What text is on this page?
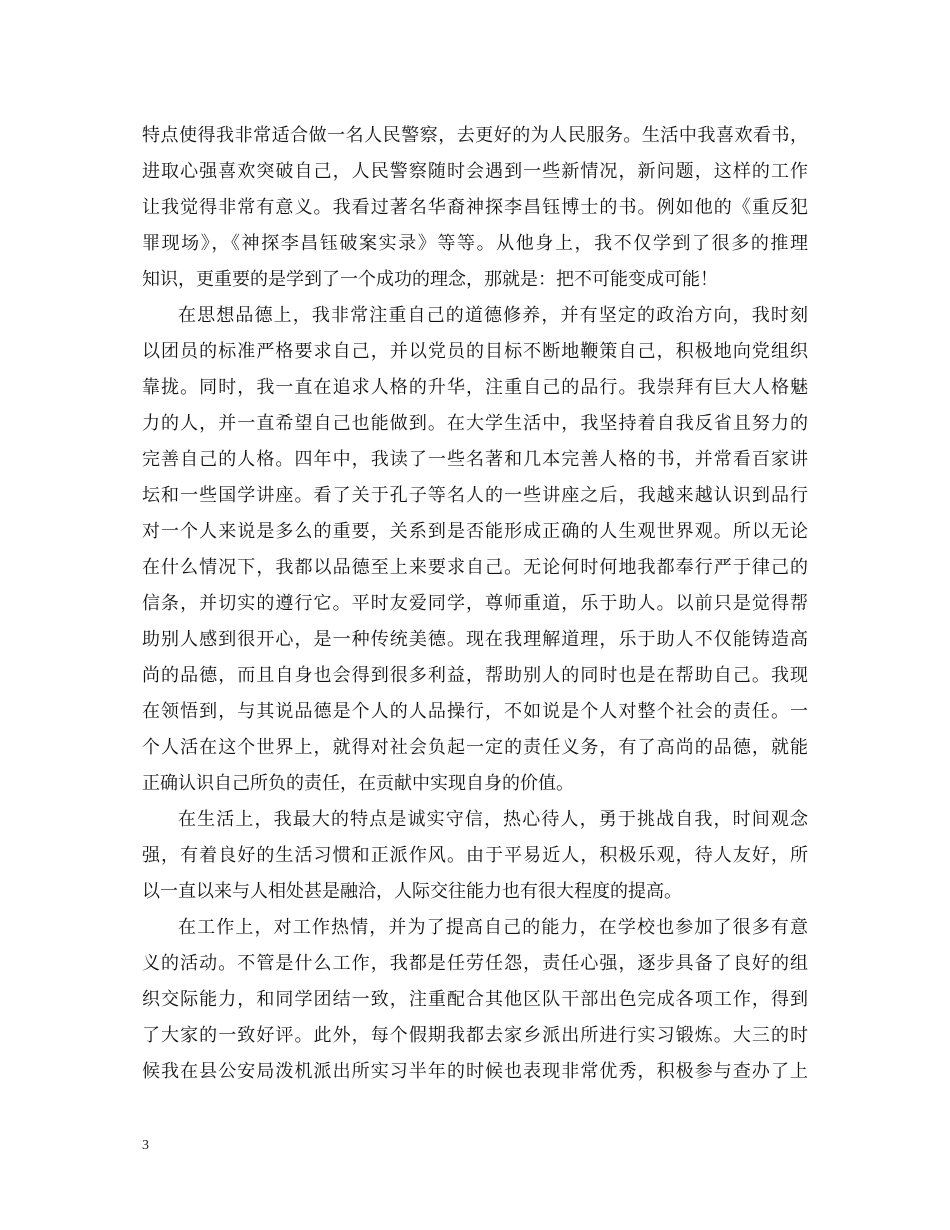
特点使得我非常适合做一名人民警察，去更好的为人民服务。生活中我喜欢看书，
进取心强喜欢突破自己，人民警察随时会遇到一些新情况，新问题，这样的工作
让我觉得非常有意义。我看过著名华裔神探李昌钰博士的书。例如他的《重反犯
罪现场》，《神探李昌钰破案实录》等等。从他身上，我不仅学到了很多的推理
知识，更重要的是学到了一个成功的理念，那就是：把不可能变成可能！
在思想品德上，我非常注重自己的道德修养，并有坚定的政治方向，我时刻
以团员的标准严格要求自己，并以党员的目标不断地鞭策自己，积极地向党组织
靠拢。同时，我一直在追求人格的升华，注重自己的品行。我崇拜有巨大人格魅
力的人，并一直希望自己也能做到。在大学生活中，我坚持着自我反省且努力的
完善自己的人格。四年中，我读了一些名著和几本完善人格的书，并常看百家讲
坛和一些国学讲座。看了关于孔子等名人的一些讲座之后，我越来越认识到品行
对一个人来说是多么的重要，关系到是否能形成正确的人生观世界观。所以无论
在什么情况下，我都以品德至上来要求自己。无论何时何地我都奉行严于律己的
信条，并切实的遵行它。平时友爱同学，尊师重道，乐于助人。以前只是觉得帮
助别人感到很开心，是一种传统美德。现在我理解道理，乐于助人不仅能铸造高
尚的品德，而且自身也会得到很多利益，帮助别人的同时也是在帮助自己。我现
在领悟到，与其说品德是个人的人品操行，不如说是个人对整个社会的责任。一
个人活在这个世界上，就得对社会负起一定的责任义务，有了高尚的品德，就能
正确认识自己所负的责任，在贡献中实现自身的价值。
在生活上，我最大的特点是诚实守信，热心待人，勇于挑战自我，时间观念
强，有着良好的生活习惯和正派作风。由于平易近人，积极乐观，待人友好，所
以一直以来与人相处甚是融洽，人际交往能力也有很大程度的提高。
在工作上，对工作热情，并为了提高自己的能力，在学校也参加了很多有意
义的活动。不管是什么工作，我都是任劳任怨，责任心强，逐步具备了良好的组
织交际能力，和同学团结一致，注重配合其他区队干部出色完成各项工作，得到
了大家的一致好评。此外，每个假期我都去家乡派出所进行实习锻炼。大三的时
候我在县公安局泼机派出所实习半年的时候也表现非常优秀，积极参与查办了上
3
